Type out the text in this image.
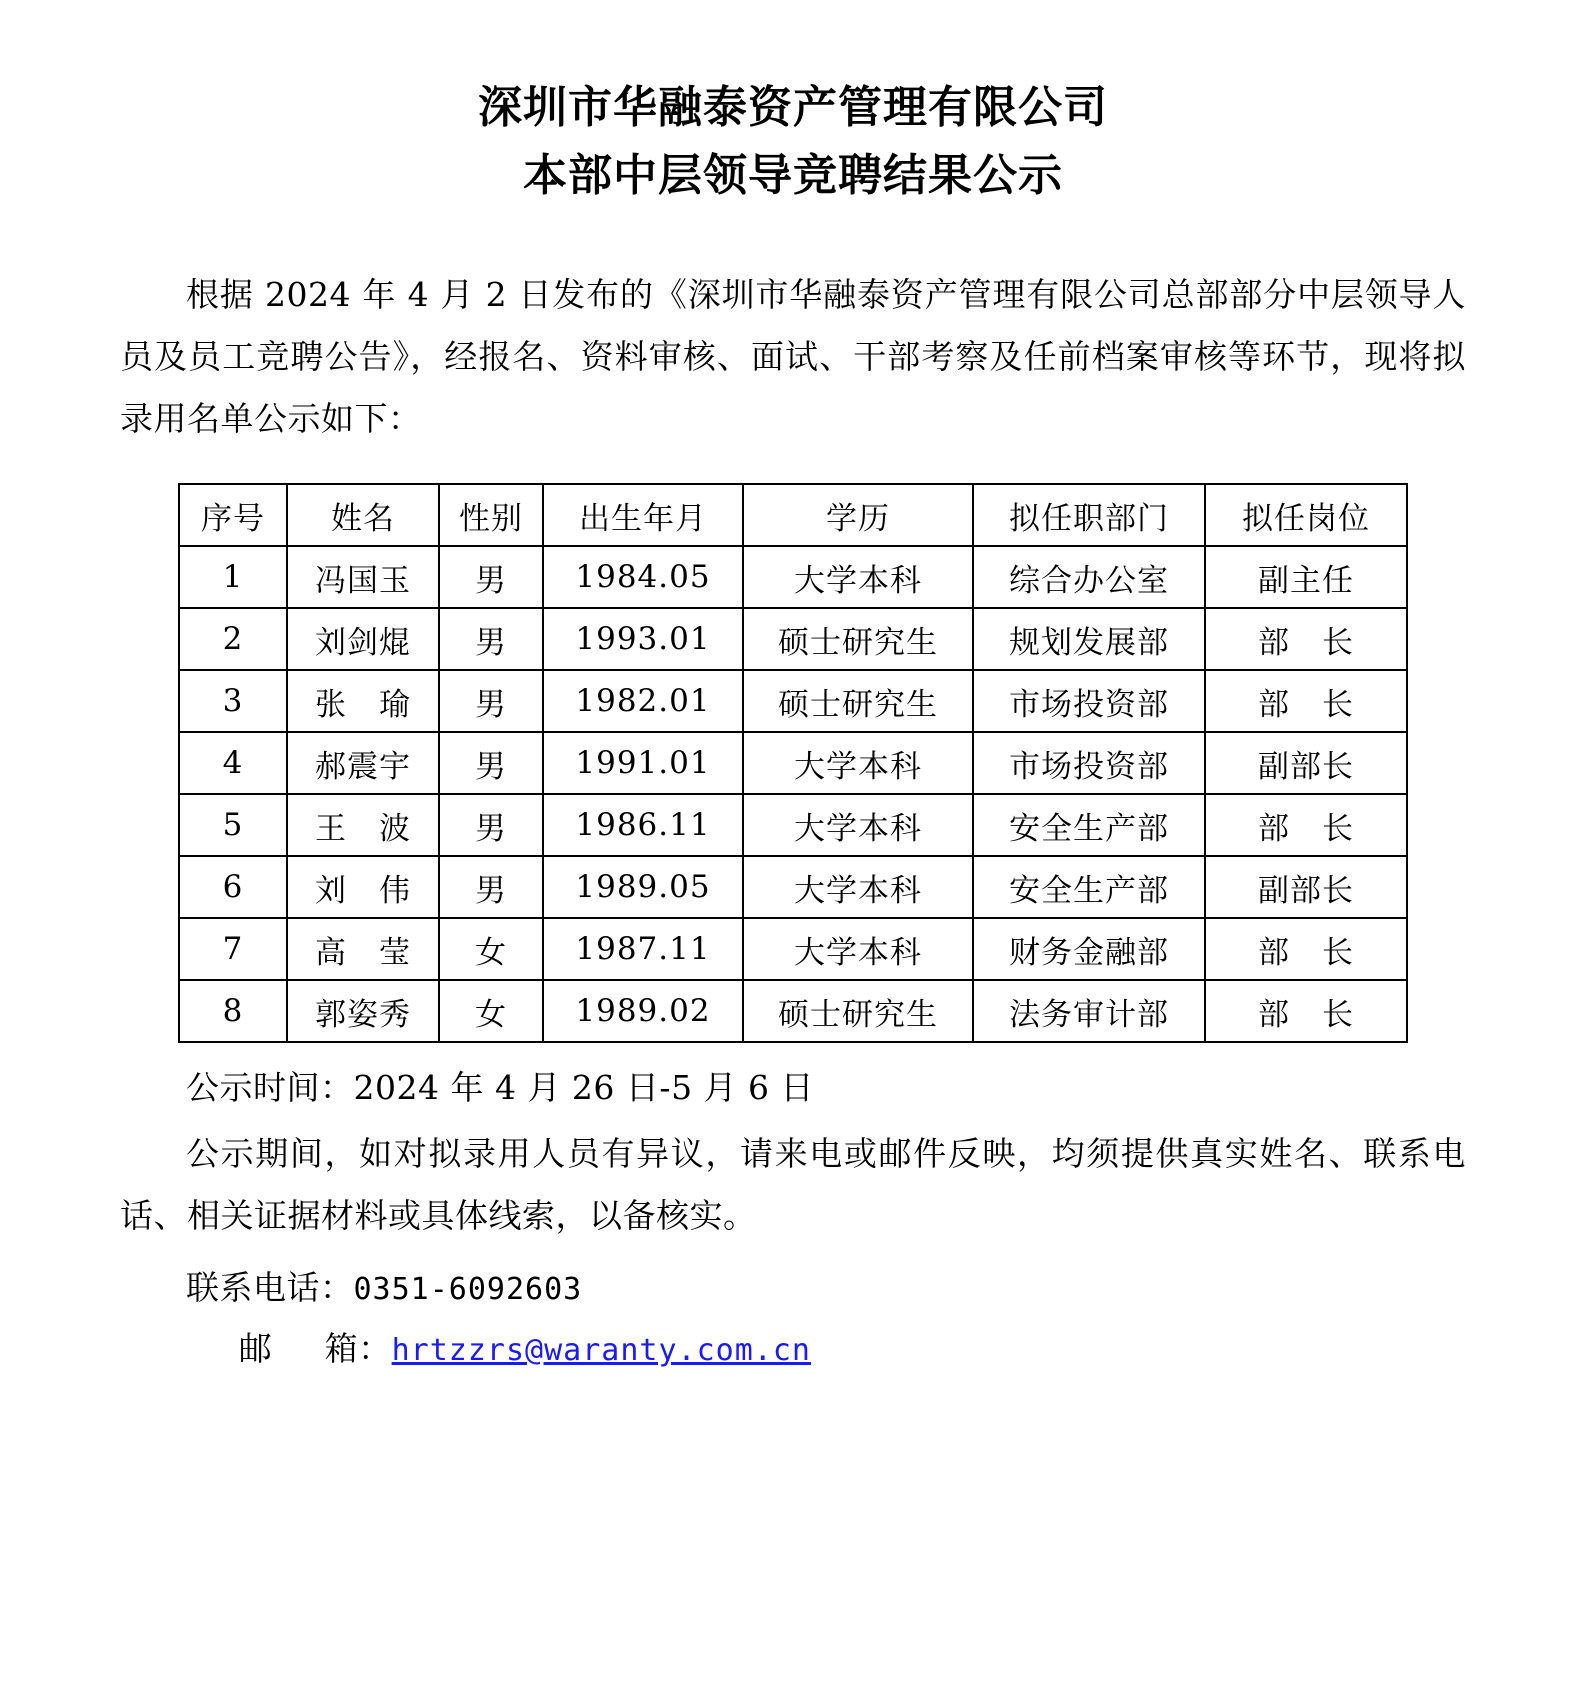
深圳市华融泰资产管理有限公司
本部中层领导竞聘结果公示
根据 2024 年 4 月 2 日发布的《深圳市华融泰资产管理有限公司总部部分中层领导人员及员工竞聘公告》，经报名、资料审核、面试、干部考察及任前档案审核等环节，现将拟录用名单公示如下：
序号	姓名	性别	出生年月	学历	拟任职部门	拟任岗位
1	冯国玉	男	1984.05	大学本科	综合办公室	副主任
2	刘剑焜	男	1993.01	硕士研究生	规划发展部	部　长
3	张　瑜	男	1982.01	硕士研究生	市场投资部	部　长
4	郝震宇	男	1991.01	大学本科	市场投资部	副部长
5	王　波	男	1986.11	大学本科	安全生产部	部　长
6	刘　伟	男	1989.05	大学本科	安全生产部	副部长
7	高　莹	女	1987.11	大学本科	财务金融部	部　长
8	郭姿秀	女	1989.02	硕士研究生	法务审计部	部　长

公示时间：2024 年 4 月 26 日-5 月 6 日

公示期间，如对拟录用人员有异议，请来电或邮件反映，均须提供真实姓名、联系电话、相关证据材料或具体线索，以备核实。

联系电话：0351-6092603

邮箱：hrtzzrs@waranty.com.cn
